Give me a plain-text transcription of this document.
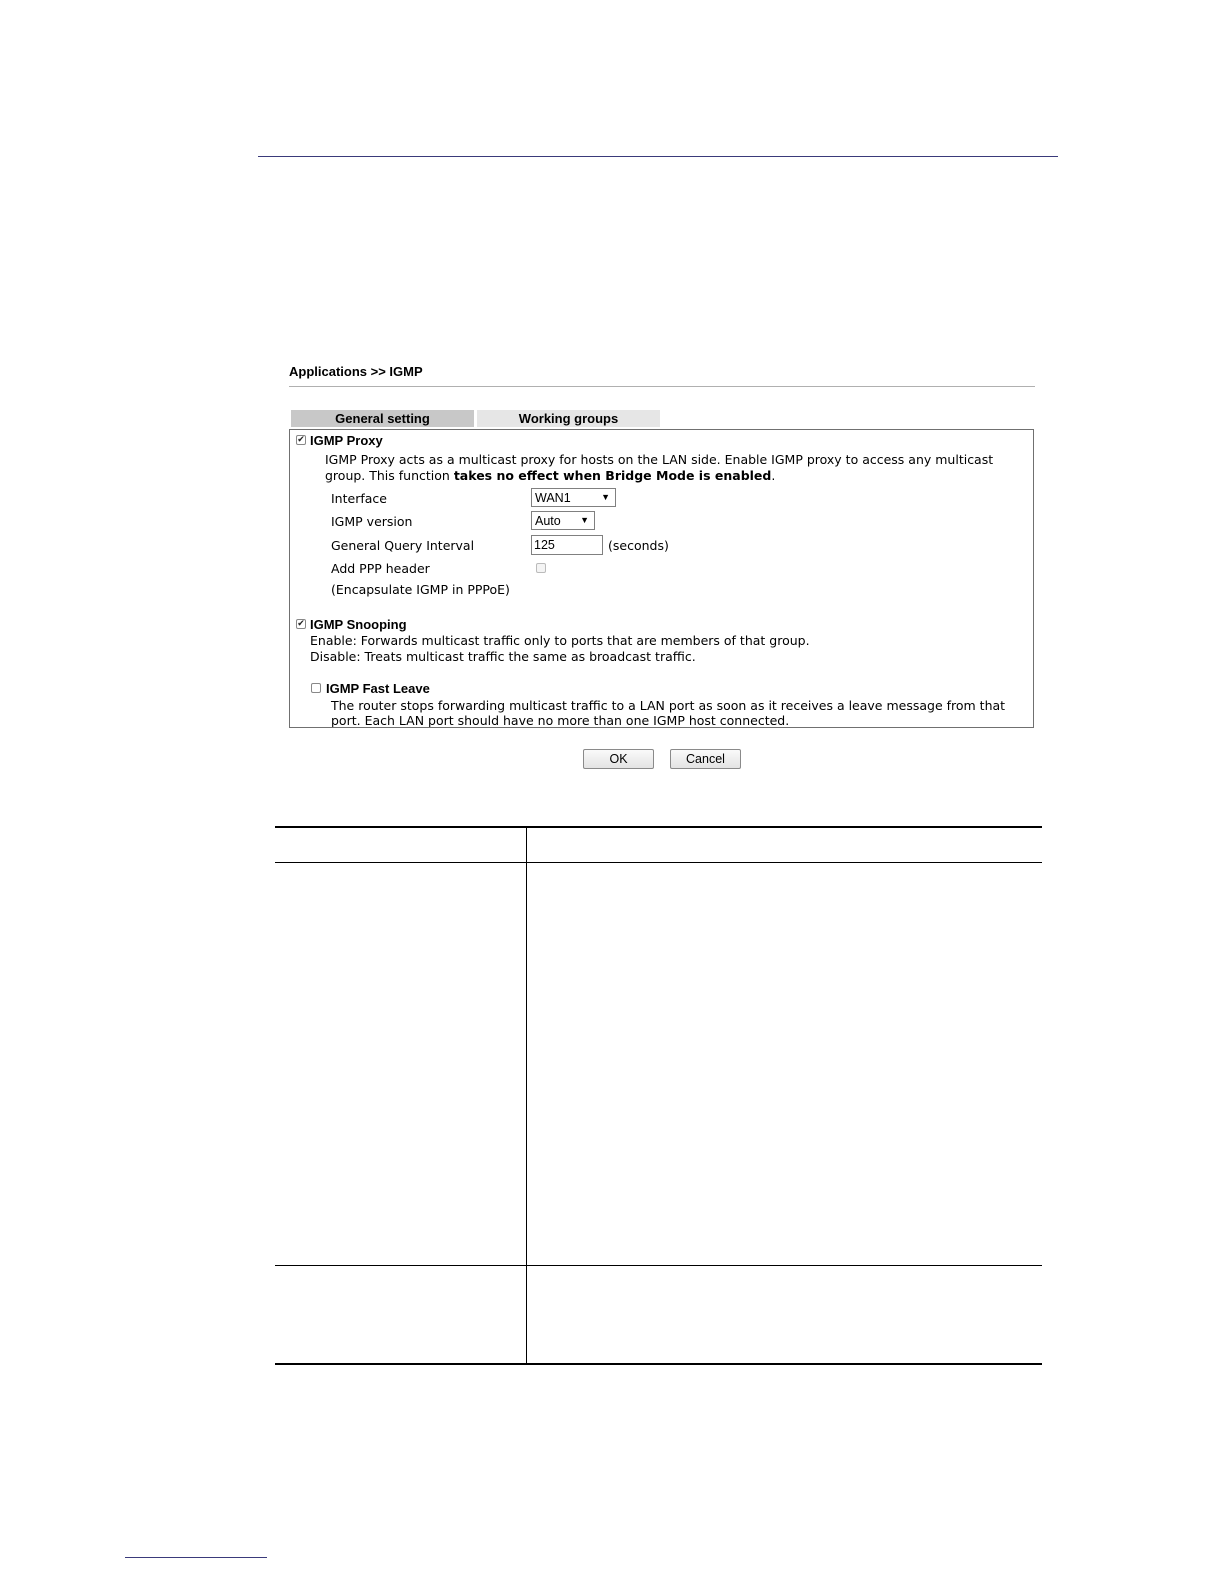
Applications >> IGMP
General setting	Working groups
✔ IGMP Proxy
IGMP Proxy acts as a multicast proxy for hosts on the LAN side. Enable IGMP proxy to access any multicast
group. This function takes no effect when Bridge Mode is enabled.
Interface	WAN1	▼
IGMP version	Auto ▼
General Query Interval	125	(seconds)
Add PPP header
(Encapsulate IGMP in PPPoE)
✔ IGMP Snooping
Enable: Forwards multicast traffic only to ports that are members of that group.
Disable: Treats multicast traffic the same as broadcast traffic.
IGMP Fast Leave
The router stops forwarding multicast traffic to a LAN port as soon as it receives a leave message from that
port. Each LAN port should have no more than one IGMP host connected.
OK	Cancel
